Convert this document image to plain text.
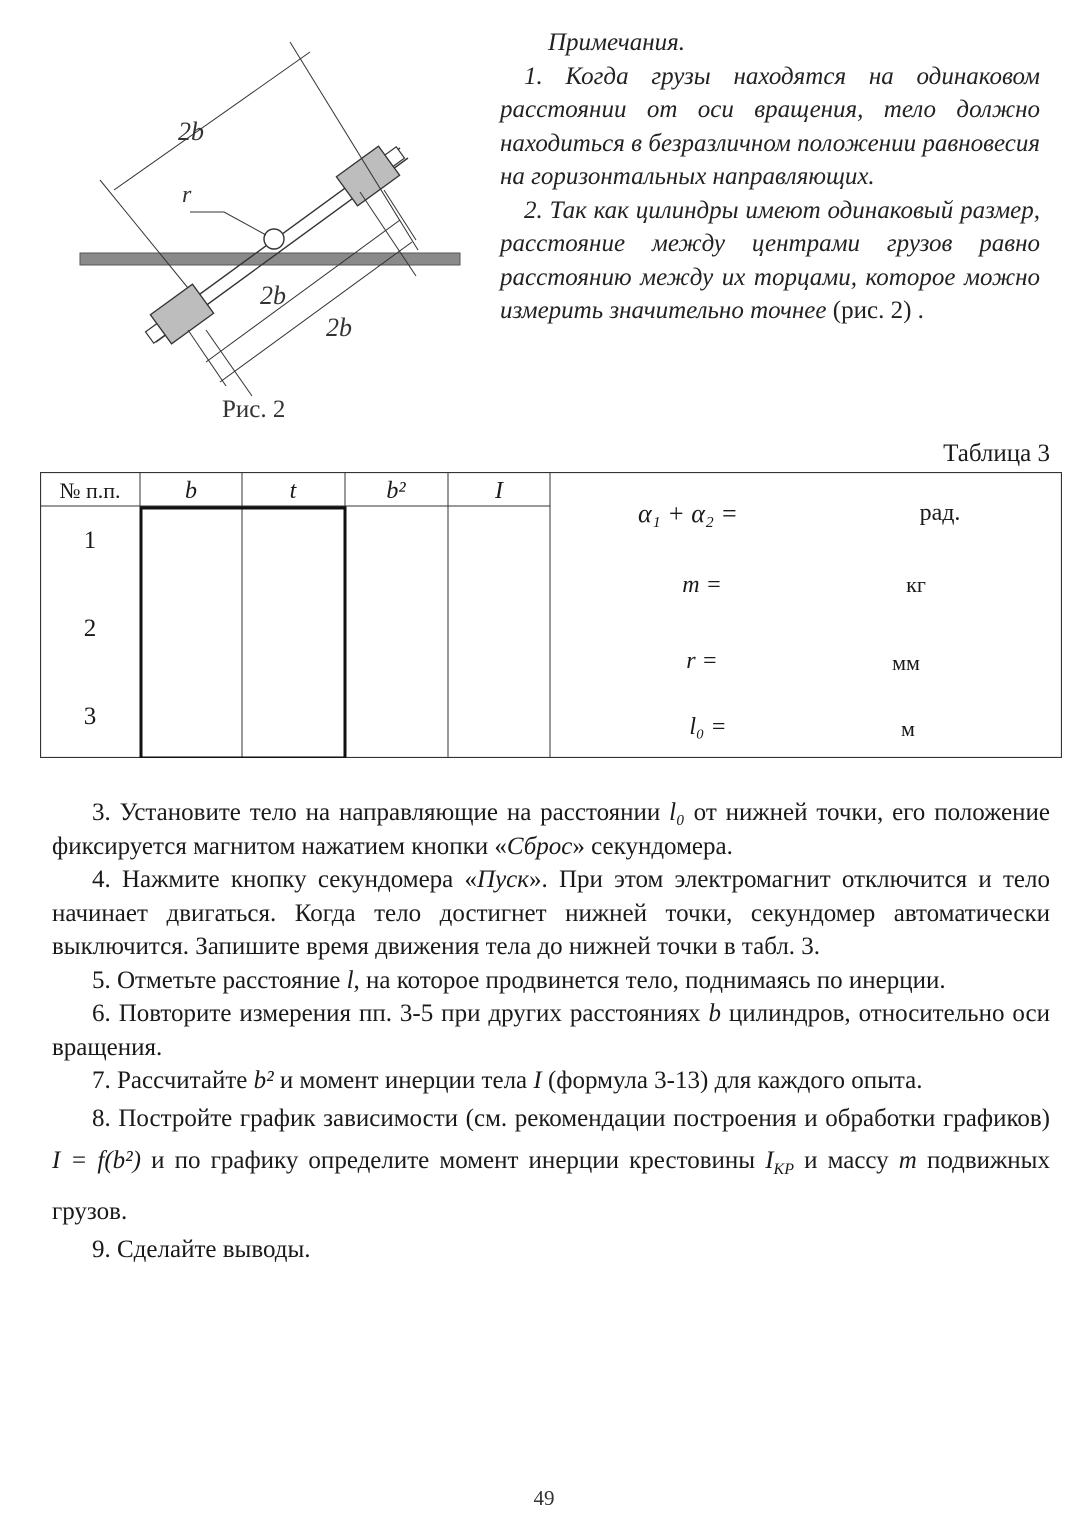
2b
r
2b
2b
Рис. 2

Примечания.

1. Когда грузы находятся на одинаковом расстоянии от оси вращения, тело должно находиться в безразличном положении равновесия на горизонтальных направляющих.

2. Так как цилиндры имеют одинаковый размер, расстояние между центрами грузов равно расстоянию между их торцами, которое можно измерить значительно точнее (рис. 2) .

Таблица 3
№ п.п.	b	t	b²	I
1
2
3
α₁ + α₂ =	рад.
m =	кг
r =	мм
l₀ =	м

3. Установите тело на направляющие на расстоянии l₀ от нижней точки, его положение фиксируется магнитом нажатием кнопки «Сброс» секундомера.

4. Нажмите кнопку секундомера «Пуск». При этом электромагнит отключится и тело начинает двигаться. Когда тело достигнет нижней точки, секундомер автоматически выключится. Запишите время движения тела до нижней точки в табл. 3.

5. Отметьте расстояние l, на которое продвинется тело, поднимаясь по инерции.

6. Повторите измерения пп. 3-5 при других расстояниях b цилиндров, относительно оси вращения.

7. Рассчитайте b² и момент инерции тела I (формула 3-13) для каждого опыта.

8. Постройте график зависимости (см. рекомендации построения и обработки графиков) I = f(b²) и по графику определите момент инерции крестовины $I_{KP}$ и массу m подвижных грузов.

9. Сделайте выводы.

49
